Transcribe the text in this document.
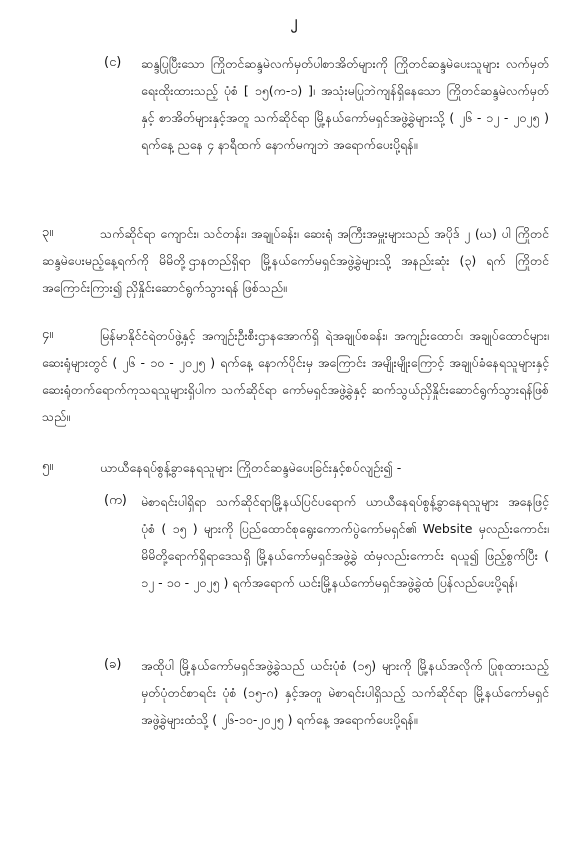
၂
(င) ဆန္ဒပြုပြီးသော ကြိုတင်ဆန္ဒမဲလက်မှတ်ပါစာအိတ်များကို ကြိုတင်ဆန္ဒမဲပေးသူများ လက်မှတ်ရေးထိုးထားသည့် ပုံစံ [ ၁၅(က-၁) ]၊ အသုံးမပြုဘဲကျန်ရှိနေသော ကြိုတင်ဆန္ဒမဲလက်မှတ်နှင့် စာအိတ်များနှင့်အတူ သက်ဆိုင်ရာ မြို့နယ်ကော်မရှင်အဖွဲ့ခွဲများသို့ ( ၂၆ - ၁၂ - ၂၀၂၅ ) ရက်နေ့ ညနေ ၄ နာရီထက် နောက်မကျဘဲ အရောက်ပေးပို့ရန်။

၃။	သက်ဆိုင်ရာ ကျောင်း၊ သင်တန်း၊ အချုပ်ခန်း၊ ဆေးရုံ အကြီးအမှူးများသည် အပိုဒ် ၂ (ဃ) ပါ ကြိုတင်ဆန္ဒမဲပေးမည့်နေ့ရက်ကို မိမိတို့ဌာနတည်ရှိရာ မြို့နယ်ကော်မရှင်အဖွဲ့ခွဲများသို့ အနည်းဆုံး (၃) ရက် ကြိုတင်အကြောင်းကြား၍ ညှိနှိုင်းဆောင်ရွက်သွားရန် ဖြစ်သည်။

၄။	မြန်မာနိုင်ငံရဲတပ်ဖွဲ့နှင့် အကျဉ်းဦးစီးဌာနအောက်ရှိ ရဲအချုပ်စခန်း၊ အကျဉ်းထောင်၊ အချုပ်ထောင်များ၊ ဆေးရုံများတွင် ( ၂၆ - ၁၀ - ၂၀၂၅ ) ရက်နေ့ နောက်ပိုင်းမှ အကြောင်း အမျိုးမျိုးကြောင့် အချုပ်ခံနေရသူများနှင့် ဆေးရုံတက်ရောက်ကုသရသူများရှိပါက သက်ဆိုင်ရာ ကော်မရှင်အဖွဲ့ခွဲနှင့် ဆက်သွယ်ညှိနှိုင်းဆောင်ရွက်သွားရန်ဖြစ်သည်။

၅။	ယာယီနေရပ်စွန့်ခွာနေရသူများ ကြိုတင်ဆန္ဒမဲပေးခြင်းနှင့်စပ်လျဉ်း၍ -

(က) မဲစာရင်းပါရှိရာ သက်ဆိုင်ရာမြို့နယ်ပြင်ပရောက် ယာယီနေရပ်စွန့်ခွာနေရသူများ အနေဖြင့် ပုံစံ ( ၁၅ ) များကို ပြည်ထောင်စုရွေးကောက်ပွဲကော်မရှင်၏ Website မှလည်းကောင်း၊ မိမိတို့ရောက်ရှိရာဒေသရှိ မြို့နယ်ကော်မရှင်အဖွဲ့ခွဲ ထံမှလည်းကောင်း ရယူ၍ ဖြည့်စွက်ပြီး ( ၁၂ - ၁၀ - ၂၀၂၅ ) ရက်အရောက် ယင်းမြို့နယ်ကော်မရှင်အဖွဲ့ခွဲထံ ပြန်လည်ပေးပို့ရန်၊

(ခ) အထိုပါ မြို့နယ်ကော်မရှင်အဖွဲ့ခွဲသည် ယင်းပုံစံ (၁၅) များကို မြို့နယ်အလိုက် ပြုစုထားသည့် မှတ်ပုံတင်စာရင်း ပုံစံ (၁၅-ဂ) နှင့်အတူ မဲစာရင်းပါရှိသည့် သက်ဆိုင်ရာ မြို့နယ်ကော်မရှင်အဖွဲ့ခွဲများထံသို့ ( ၂၆-၁၀-၂၀၂၅ ) ရက်နေ့ အရောက်ပေးပို့ရန်။
